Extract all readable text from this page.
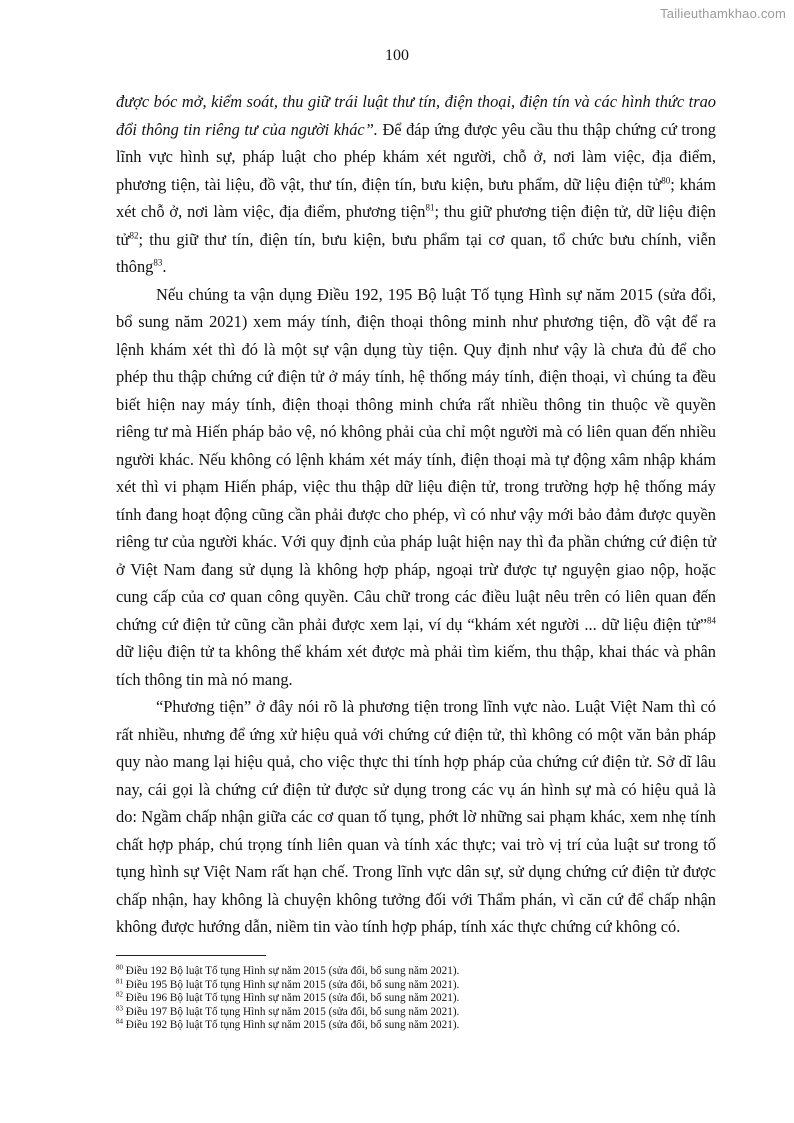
Tailieuthamkhao.com
100

được bóc mở, kiểm soát, thu giữ trái luật thư tín, điện thoại, điện tín và các hình thức trao đổi thông tin riêng tư của người khác”. Để đáp ứng được yêu cầu thu thập chứng cứ trong lĩnh vực hình sự, pháp luật cho phép khám xét người, chỗ ở, nơi làm việc, địa điểm, phương tiện, tài liệu, đồ vật, thư tín, điện tín, bưu kiện, bưu phẩm, dữ liệu điện tử$^{80}$; khám xét chỗ ở, nơi làm việc, địa điểm, phương tiện$^{81}$; thu giữ phương tiện điện tử, dữ liệu điện tử$^{82}$; thu giữ thư tín, điện tín, bưu kiện, bưu phẩm tại cơ quan, tổ chức bưu chính, viễn thông$^{83}$.

Nếu chúng ta vận dụng Điều 192, 195 Bộ luật Tố tụng Hình sự năm 2015 (sửa đổi, bổ sung năm 2021) xem máy tính, điện thoại thông minh như phương tiện, đồ vật để ra lệnh khám xét thì đó là một sự vận dụng tùy tiện. Quy định như vậy là chưa đủ để cho phép thu thập chứng cứ điện tử ở máy tính, hệ thống máy tính, điện thoại, vì chúng ta đều biết hiện nay máy tính, điện thoại thông minh chứa rất nhiều thông tin thuộc về quyền riêng tư mà Hiến pháp bảo vệ, nó không phải của chỉ một người mà có liên quan đến nhiều người khác. Nếu không có lệnh khám xét máy tính, điện thoại mà tự động xâm nhập khám xét thì vi phạm Hiến pháp, việc thu thập dữ liệu điện tử, trong trường hợp hệ thống máy tính đang hoạt động cũng cần phải được cho phép, vì có như vậy mới bảo đảm được quyền riêng tư của người khác. Với quy định của pháp luật hiện nay thì đa phần chứng cứ điện tử ở Việt Nam đang sử dụng là không hợp pháp, ngoại trừ được tự nguyện giao nộp, hoặc cung cấp của cơ quan công quyền. Câu chữ trong các điều luật nêu trên có liên quan đến chứng cứ điện tử cũng cần phải được xem lại, ví dụ “khám xét người ... dữ liệu điện tử”$^{84}$ dữ liệu điện tử ta không thể khám xét được mà phải tìm kiếm, thu thập, khai thác và phân tích thông tin mà nó mang.

“Phương tiện” ở đây nói rõ là phương tiện trong lĩnh vực nào. Luật Việt Nam thì có rất nhiều, nhưng để ứng xử hiệu quả với chứng cứ điện tử, thì không có một văn bản pháp quy nào mang lại hiệu quả, cho việc thực thi tính hợp pháp của chứng cứ điện tử. Sở dĩ lâu nay, cái gọi là chứng cứ điện tử được sử dụng trong các vụ án hình sự mà có hiệu quả là do: Ngầm chấp nhận giữa các cơ quan tố tụng, phớt lờ những sai phạm khác, xem nhẹ tính chất hợp pháp, chú trọng tính liên quan và tính xác thực; vai trò vị trí của luật sư trong tố tụng hình sự Việt Nam rất hạn chế. Trong lĩnh vực dân sự, sử dụng chứng cứ điện tử được chấp nhận, hay không là chuyện không tưởng đối với Thẩm phán, vì căn cứ để chấp nhận không được hướng dẫn, niềm tin vào tính hợp pháp, tính xác thực chứng cứ không có.

$^{80}$ Điều 192 Bộ luật Tố tụng Hình sự năm 2015 (sửa đổi, bổ sung năm 2021).

$^{81}$ Điều 195 Bộ luật Tố tụng Hình sự năm 2015 (sửa đổi, bổ sung năm 2021).

$^{82}$ Điều 196 Bộ luật Tố tụng Hình sự năm 2015 (sửa đổi, bổ sung năm 2021).

$^{83}$ Điều 197 Bộ luật Tố tụng Hình sự năm 2015 (sửa đổi, bổ sung năm 2021).

$^{84}$ Điều 192 Bộ luật Tố tụng Hình sự năm 2015 (sửa đổi, bổ sung năm 2021).
